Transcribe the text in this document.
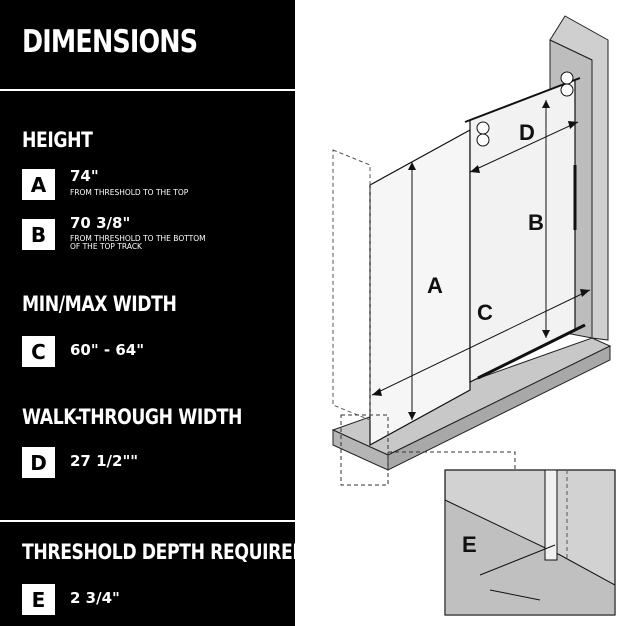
DIMENSIONS
HEIGHT
A	74"
FROM THRESHOLD TO THE TOP
B	70 3/8"
FROM THRESHOLD TO THE BOTTOM
OF THE TOP TRACK
MIN/MAX WIDTH
C	60" - 64"
WALK-THROUGH WIDTH
D	27 1/2""
THRESHOLD DEPTH REQUIRED
E	2 3/4"
A
B
C
D
E
